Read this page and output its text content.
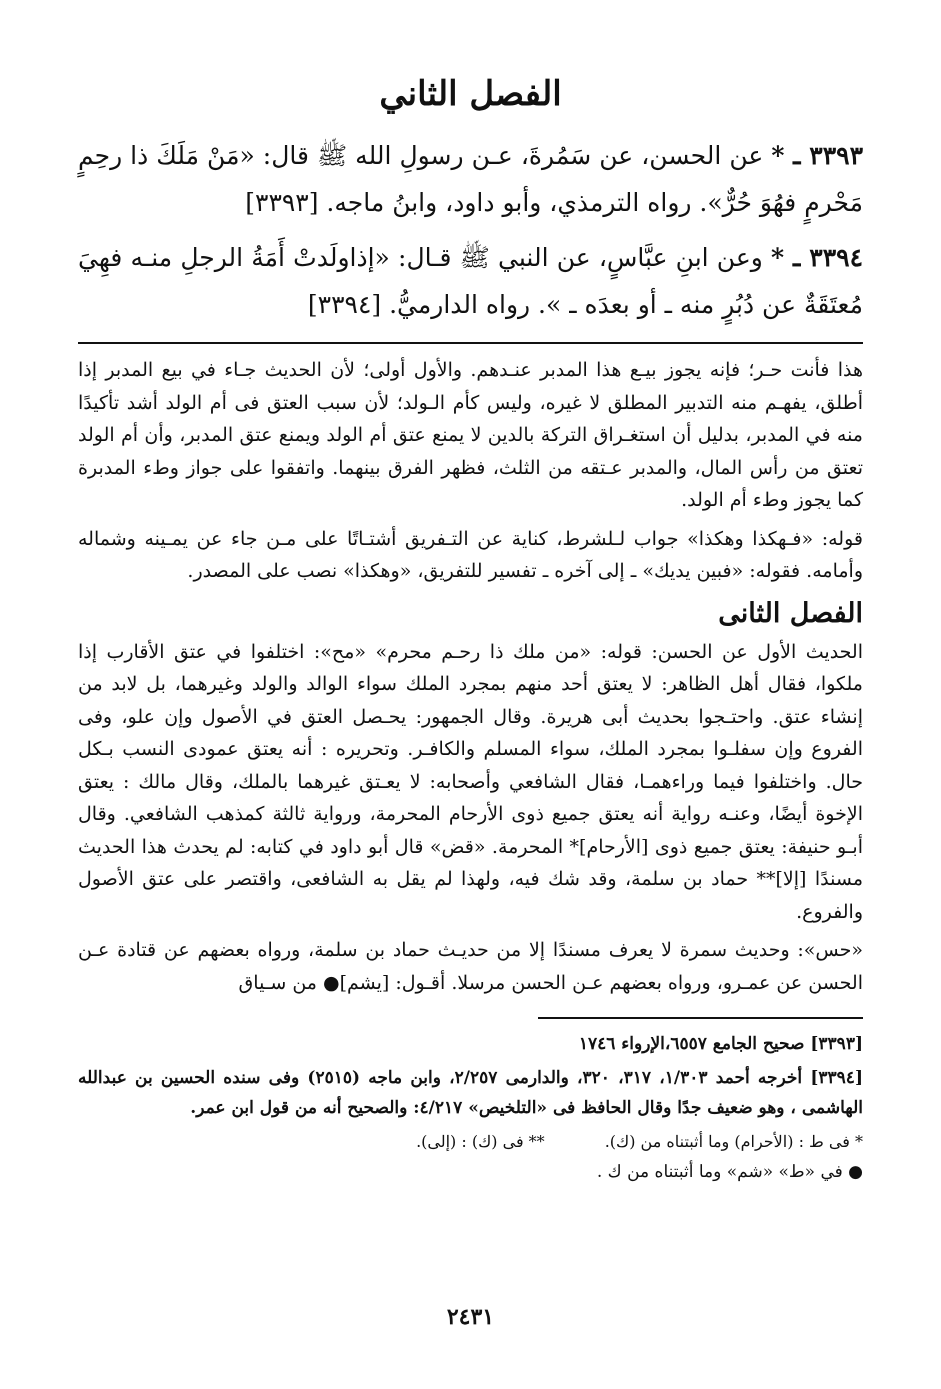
الفصل الثاني

٣٣٩٣ ـ * عن الحسن، عن سَمُرةَ، عـن رسولِ الله ﷺ قال: «مَنْ مَلَكَ ذا رحِمٍ مَحْرمٍ فهُوَ حُرٌّ». رواه الترمذي، وأبو داود، وابنُ ماجه. [٣٣٩٣]

٣٣٩٤ ـ * وعن ابنِ عبَّاسٍ، عن النبي ﷺ قـال: «إذاولَدتْ أَمَةُ الرجلِ منـه فهِيَ مُعتَقَةٌ عن دُبُرٍ منه ـ أو بعدَه ـ ». رواه الدارميُّ. [٣٣٩٤]

هذا فأنت حـر؛ فإنه يجوز بيـع هذا المدبر عنـدهم. والأول أولى؛ لأن الحديث جـاء في بيع المدبر إذا أطلق، يفهـم منه التدبير المطلق لا غيره، وليس كأم الـولد؛ لأن سبب العتق فى أم الولد أشد تأكيدًا منه في المدبر، بدليل أن استغـراق التركة بالدين لا يمنع عتق أم الولد ويمنع عتق المدبر، وأن أم الولد تعتق من رأس المال، والمدبر عـتقه من الثلث، فظهر الفرق بينهما. واتفقوا على جواز وطء المدبرة كما يجوز وطء أم الولد.

قوله: «فـهكذا وهكذا» جواب لـلشرط، كناية عن التـفريق أشتـاتًا على مـن جاء عن يمـينه وشماله وأمامه. فقوله: «فبين يديك» ـ إلى آخره ـ تفسير للتفريق، «وهكذا» نصب على المصدر.

الفصل الثانى

الحديث الأول عن الحسن: قوله: «من ملك ذا رحـم محرم» «مح»: اختلفوا في عتق الأقارب إذا ملكوا، فقال أهل الظاهر: لا يعتق أحد منهم بمجرد الملك سواء الوالد والولد وغيرهما، بل لابد من إنشاء عتق. واحتـجوا بحديث أبى هريرة. وقال الجمهور: يحـصل العتق في الأصول وإن علو، وفى الفروع وإن سفلـوا بمجرد الملك، سواء المسلم والكافـر. وتحريره : أنه يعتق عمودى النسب بـكل حال. واختلفوا فيما وراءهمـا، فقال الشافعي وأصحابه: لا يعـتق غيرهما بالملك، وقال مالك : يعتق الإخوة أيضًا، وعنـه رواية أنه يعتق جميع ذوى الأرحام المحرمة، ورواية ثالثة كمذهب الشافعي. وقال أبـو حنيفة: يعتق جميع ذوى [الأرحام]* المحرمة. «قض» قال أبو داود في كتابه: لم يحدث هذا الحديث مسندًا [إلا]** حماد بن سلمة، وقد شك فيه، ولهذا لم يقل به الشافعى، واقتصر على عتق الأصول والفروع.

«حس»: وحديث سمرة لا يعرف مسندًا إلا من حديـث حماد بن سلمة، ورواه بعضهم عن قتادة عـن الحسن عن عمـرو، ورواه بعضهم عـن الحسن مرسلا. أقـول: [يشم]● من سـياق

[٣٣٩٣] صحيح الجامع ٦٥٥٧،الإرواء ١٧٤٦

[٣٣٩٤] أخرجه أحمد ١/٣٠٣، ٣١٧، ٣٢٠، والدارمى ٢/٢٥٧، وابن ماجه (٢٥١٥) وفى سنده الحسين بن عبدالله الهاشمى ، وهو ضعيف جدًا وقال الحافظ فى «التلخيص» ٤/٢١٧: والصحيح أنه من قول ابن عمر.

* فى ط : (الأحرام) وما أثبتناه من (ك).
** فى (ك) : (إلى).

● في «ط» «شم» وما أثبتناه من ك .

٢٤٣١
